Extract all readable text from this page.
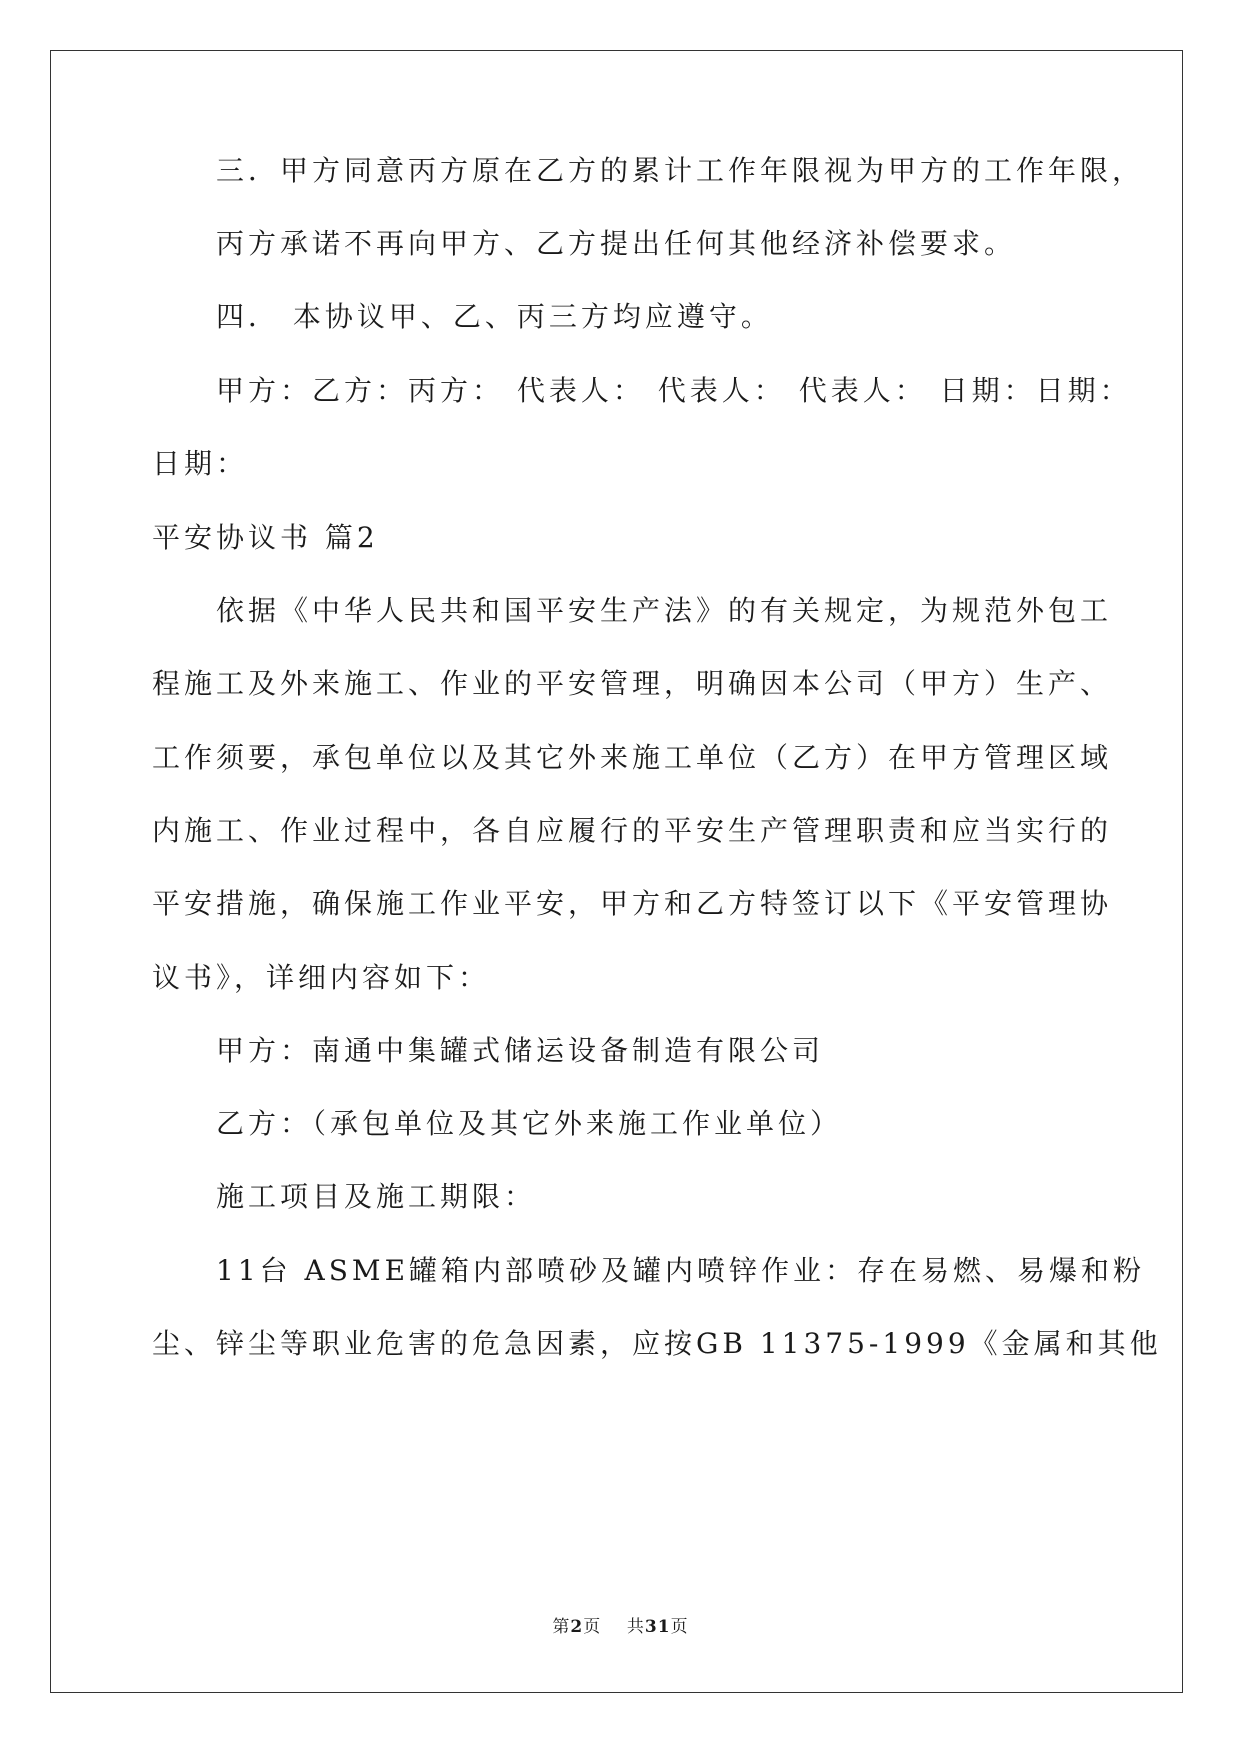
三．甲方同意丙方原在乙方的累计工作年限视为甲方的工作年限，
丙方承诺不再向甲方、乙方提出任何其他经济补偿要求。
四． 本协议甲、乙、丙三方均应遵守。
甲方：乙方：丙方： 代表人： 代表人： 代表人： 日期：日期：
日期：
平安协议书 篇2
依据《中华人民共和国平安生产法》的有关规定，为规范外包工
程施工及外来施工、作业的平安管理，明确因本公司（甲方）生产、
工作须要，承包单位以及其它外来施工单位（乙方）在甲方管理区域
内施工、作业过程中，各自应履行的平安生产管理职责和应当实行的
平安措施，确保施工作业平安，甲方和乙方特签订以下《平安管理协
议书》，详细内容如下：
甲方：南通中集罐式储运设备制造有限公司
乙方：（承包单位及其它外来施工作业单位）
施工项目及施工期限：
11台 ASME罐箱内部喷砂及罐内喷锌作业：存在易燃、易爆和粉
尘、锌尘等职业危害的危急因素，应按GB 11375-1999《金属和其他
第2页    共31页
